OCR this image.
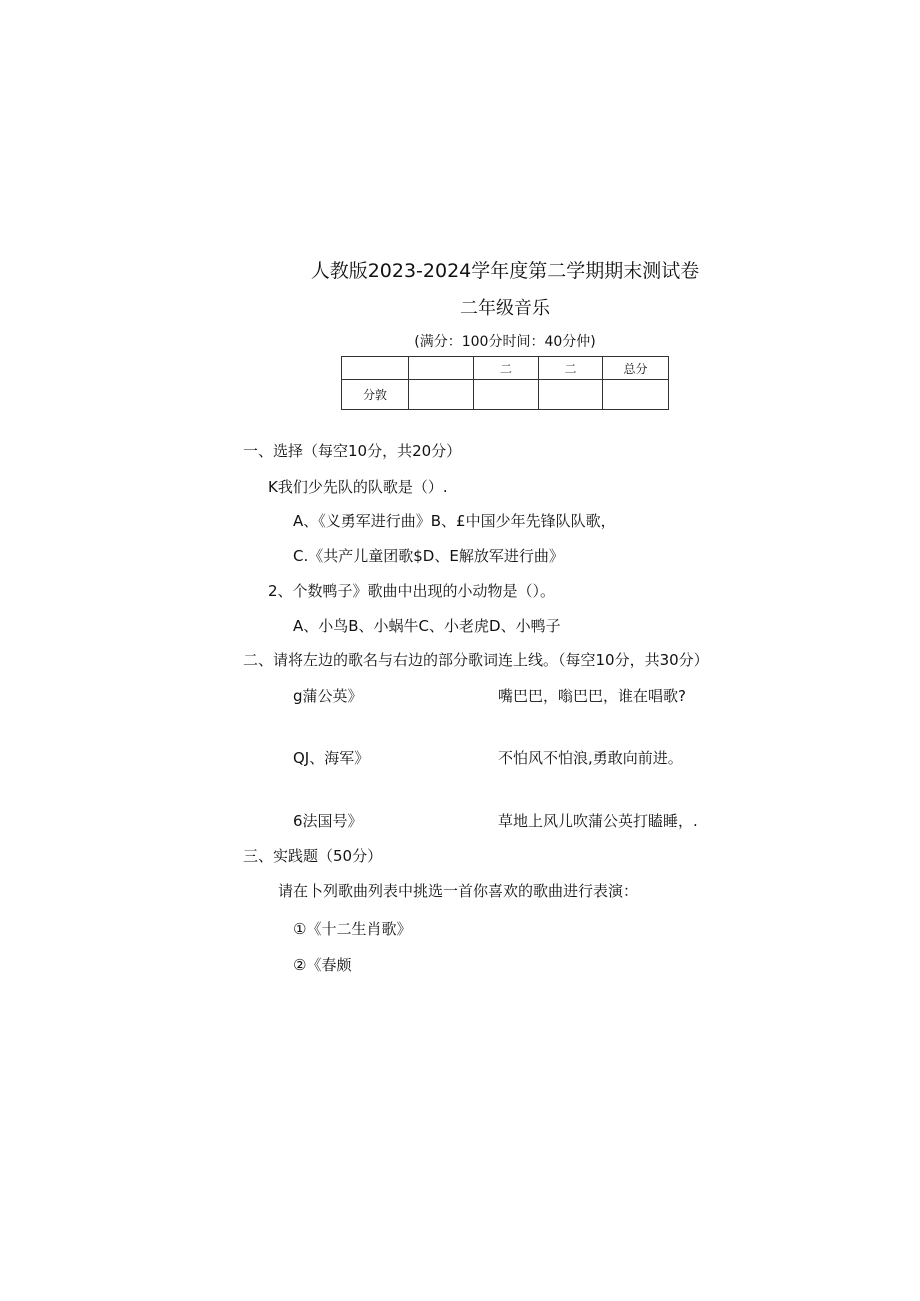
人教版2023-2024学年度第二学期期末测试卷
二年级音乐
(满分：100分时间：40分仲)
		二	二	总分
分敦				
一、选择（每空10分，共20分）
K我们少先队的队歌是（）.
A、《义勇军进行曲》B、£中国少年先锋队队歌，
C.《共产儿童团歌$D、E解放军进行曲》
2、个数鸭子》歌曲中出现的小动物是（）。
A、小鸟B、小蜗牛C、小老虎D、小鸭子
二、请将左边的歌名与右边的部分歌词连上线。（每空10分，共30分）
g蒲公英》	嘴巴巴，嗡巴巴，谁在唱歌?
QJ、海军》	不怕风不怕浪,勇敢向前进。
6法国号》	草地上风儿吹蒲公英打瞌睡，.
三、实践题（50分）
请在卜列歌曲列表中挑选一首你喜欢的歌曲进行表演：
①《十二生肖歌》
②《春颇
